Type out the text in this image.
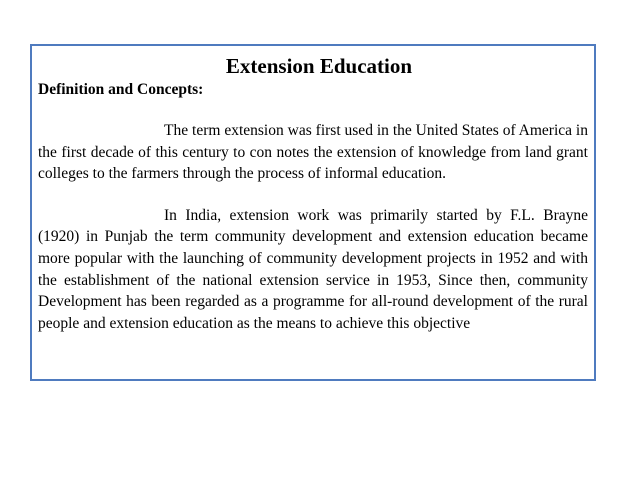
Extension Education
Definition and Concepts:

The term extension was first used in the United States of America in the first decade of this century to con notes the extension of knowledge from land grant colleges to the farmers through the process of informal education.

In India, extension work was primarily started by F.L. Brayne (1920) in Punjab the term community development and extension education became more popular with the launching of community development projects in 1952 and with the establishment of the national extension service in 1953, Since then, community Development has been regarded as a programme for all-round development of the rural people and extension education as the means to achieve this objective
